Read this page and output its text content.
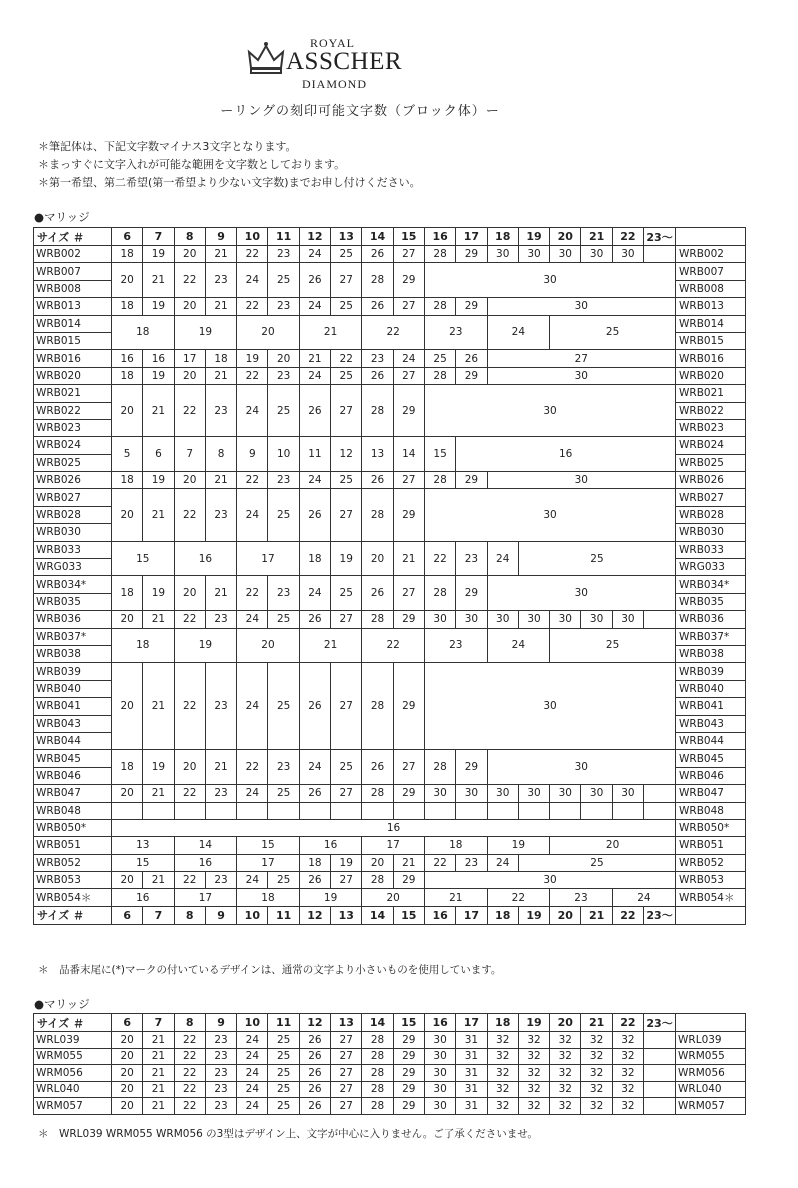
ROYAL
ASSCHER
DIAMOND
ーリングの刻印可能文字数（ブロック体）ー
＊筆記体は、下記文字数マイナス3文字となります。
＊まっすぐに文字入れが可能な範囲を文字数としております。
＊第一希望、第二希望(第一希望より少ない文字数)までお申し付けください。
●マリッジ
サイズ ＃	6	7	8	9	10	11	12	13	14	15	16	17	18	19	20	21	22	23〜	
WRB002	18	19	20	21	22	23	24	25	26	27	28	29	30	30	30	30	30		WRB002
WRB007	20	21	22	23	24	25	26	27	28	29	30								WRB007
WRB008																			WRB008
WRB013	18	19	20	21	22	23	24	25	26	27	28	29	30						WRB013
WRB014	18		19		20		21		22		23		24		25				WRB014
WRB015																			WRB015
WRB016	16	16	17	18	19	20	21	22	23	24	25	26	27						WRB016
WRB020	18	19	20	21	22	23	24	25	26	27	28	29	30						WRB020
WRB021	20	21	22	23	24	25	26	27	28	29	30								WRB021
WRB022																			WRB022
WRB023																			WRB023
WRB024	5	6	7	8	9	10	11	12	13	14	15	16							WRB024
WRB025																			WRB025
WRB026	18	19	20	21	22	23	24	25	26	27	28	29	30						WRB026
WRB027	20	21	22	23	24	25	26	27	28	29	30								WRB027
WRB028																			WRB028
WRB030																			WRB030
WRB033	15		16		17		18	19	20	21	22	23	24	25					WRB033
WRG033																			WRG033
WRB034*	18	19	20	21	22	23	24	25	26	27	28	29	30						WRB034*
WRB035																			WRB035
WRB036	20	21	22	23	24	25	26	27	28	29	30	30	30	30	30	30	30		WRB036
WRB037*	18		19		20		21		22		23		24		25				WRB037*
WRB038																			WRB038
WRB039	20	21	22	23	24	25	26	27	28	29	30								WRB039
WRB040																			WRB040
WRB041																			WRB041
WRB043																			WRB043
WRB044																			WRB044
WRB045	18	19	20	21	22	23	24	25	26	27	28	29	30						WRB045
WRB046																			WRB046
WRB047	20	21	22	23	24	25	26	27	28	29	30	30	30	30	30	30	30		WRB047
WRB048																			WRB048
WRB050*	16																		WRB050*
WRB051	13		14		15		16		17		18		19		20				WRB051
WRB052	15		16		17		18	19	20	21	22	23	24	25					WRB052
WRB053	20	21	22	23	24	25	26	27	28	29	30								WRB053
WRB054＊	16		17		18		19		20		21		22		23		24		WRB054＊
サイズ ＃	6	7	8	9	10	11	12	13	14	15	16	17	18	19	20	21	22	23〜	
＊　品番末尾に(*)マークの付いているデザインは、通常の文字より小さいものを使用しています。
●マリッジ
サイズ ＃	6	7	8	9	10	11	12	13	14	15	16	17	18	19	20	21	22	23〜	
WRL039	20	21	22	23	24	25	26	27	28	29	30	31	32	32	32	32	32		WRL039
WRM055	20	21	22	23	24	25	26	27	28	29	30	31	32	32	32	32	32		WRM055
WRM056	20	21	22	23	24	25	26	27	28	29	30	31	32	32	32	32	32		WRM056
WRL040	20	21	22	23	24	25	26	27	28	29	30	31	32	32	32	32	32		WRL040
WRM057	20	21	22	23	24	25	26	27	28	29	30	31	32	32	32	32	32		WRM057
＊　WRL039 WRM055 WRM056 の3型はデザイン上、文字が中心に入りません。ご了承くださいませ。
